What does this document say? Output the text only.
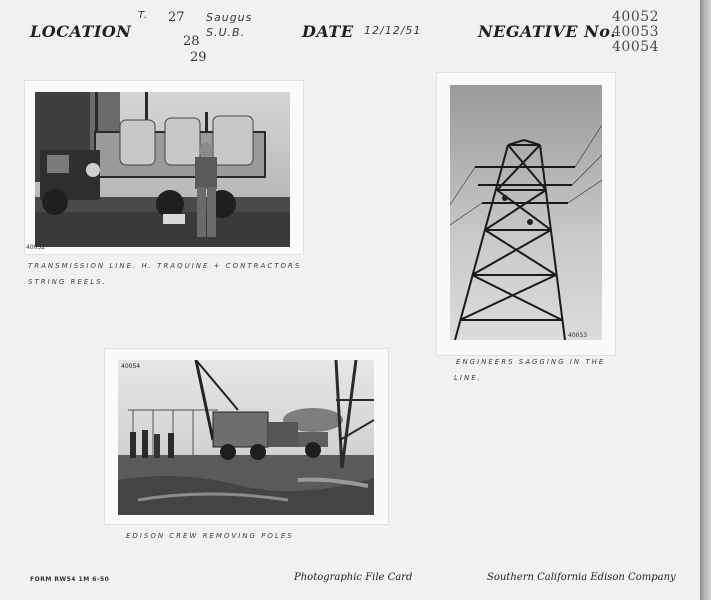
LOCATION
T. 27
28
29
Saugus S.U.B.	DATE 12/12/51	NEGATIVE No.
40052
40053
40054
40052
TRANSMISSION LINE. H. TRAQUINE + CONTRACTORS
STRING REELS.
40053
ENGINEERS SAGGING IN THE
LINE.
40054
EDISON CREW REMOVING POLES
FORM RW54 1M 6-50	Photographic File Card	Southern California Edison Company
